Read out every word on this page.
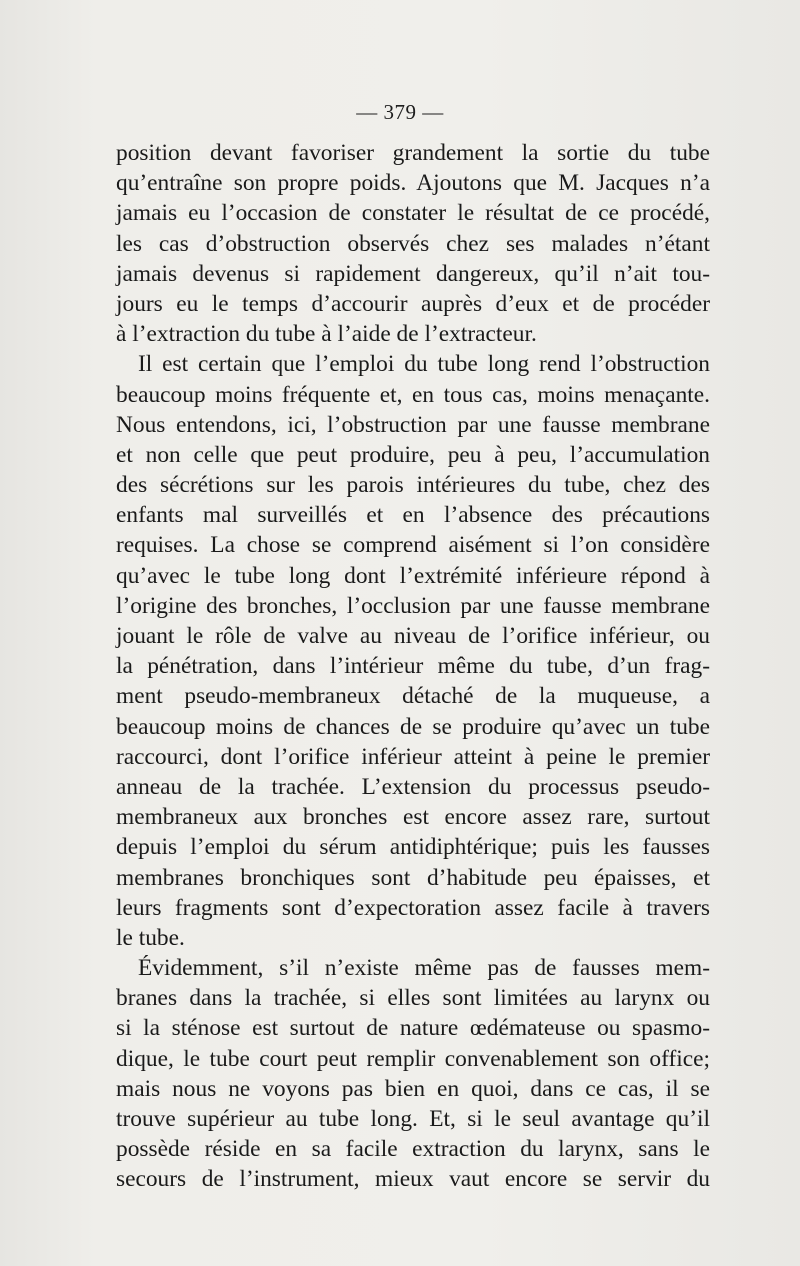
— 379 —
position devant favoriser grandement la sortie du tube
qu’entraîne son propre poids. Ajoutons que M. Jacques n’a
jamais eu l’occasion de constater le résultat de ce procédé,
les cas d’obstruction observés chez ses malades n’étant
jamais devenus si rapidement dangereux, qu’il n’ait tou-
jours eu le temps d’accourir auprès d’eux et de procéder
à l’extraction du tube à l’aide de l’extracteur.
Il est certain que l’emploi du tube long rend l’obstruction
beaucoup moins fréquente et, en tous cas, moins menaçante.
Nous entendons, ici, l’obstruction par une fausse membrane
et non celle que peut produire, peu à peu, l’accumulation
des sécrétions sur les parois intérieures du tube, chez des
enfants mal surveillés et en l’absence des précautions
requises. La chose se comprend aisément si l’on considère
qu’avec le tube long dont l’extrémité inférieure répond à
l’origine des bronches, l’occlusion par une fausse membrane
jouant le rôle de valve au niveau de l’orifice inférieur, ou
la pénétration, dans l’intérieur même du tube, d’un frag-
ment pseudo-membraneux détaché de la muqueuse, a
beaucoup moins de chances de se produire qu’avec un tube
raccourci, dont l’orifice inférieur atteint à peine le premier
anneau de la trachée. L’extension du processus pseudo-
membraneux aux bronches est encore assez rare, surtout
depuis l’emploi du sérum antidiphtérique; puis les fausses
membranes bronchiques sont d’habitude peu épaisses, et
leurs fragments sont d’expectoration assez facile à travers
le tube.
Évidemment, s’il n’existe même pas de fausses mem-
branes dans la trachée, si elles sont limitées au larynx ou
si la sténose est surtout de nature œdémateuse ou spasmo-
dique, le tube court peut remplir convenablement son office;
mais nous ne voyons pas bien en quoi, dans ce cas, il se
trouve supérieur au tube long. Et, si le seul avantage qu’il
possède réside en sa facile extraction du larynx, sans le
secours de l’instrument, mieux vaut encore se servir du
